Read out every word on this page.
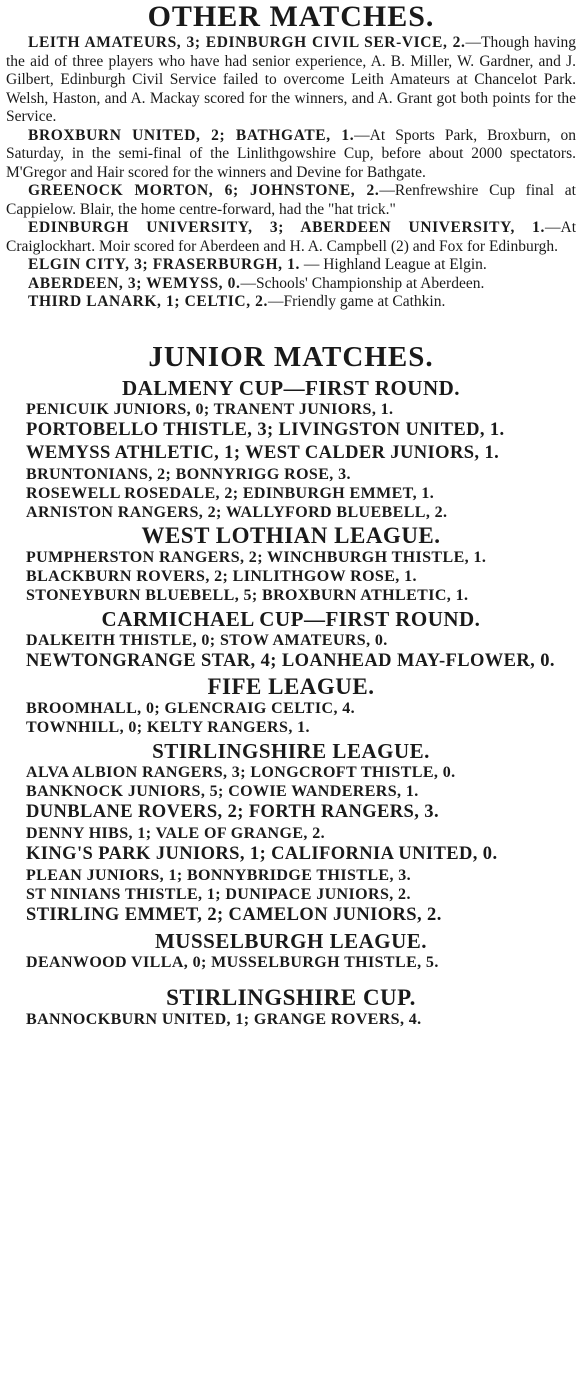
OTHER MATCHES.

LEITH AMATEURS, 3; EDINBURGH CIVIL SER-VICE, 2.—Though having the aid of three players who have had senior experience, A. B. Miller, W. Gardner, and J. Gilbert, Edinburgh Civil Service failed to overcome Leith Amateurs at Chancelot Park. Welsh, Haston, and A. Mackay scored for the winners, and A. Grant got both points for the Service.

BROXBURN UNITED, 2; BATHGATE, 1.—At Sports Park, Broxburn, on Saturday, in the semi-final of the Linlithgowshire Cup, before about 2000 spectators. M'Gregor and Hair scored for the winners and Devine for Bathgate.

GREENOCK MORTON, 6; JOHNSTONE, 2.—Renfrewshire Cup final at Cappielow. Blair, the home centre-forward, had the "hat trick."

EDINBURGH UNIVERSITY, 3; ABERDEEN UNIVERSITY, 1.—At Craiglockhart. Moir scored for Aberdeen and H. A. Campbell (2) and Fox for Edinburgh.

ELGIN CITY, 3; FRASERBURGH, 1. — Highland League at Elgin.

ABERDEEN, 3; WEMYSS, 0.—Schools' Championship at Aberdeen.

THIRD LANARK, 1; CELTIC, 2.—Friendly game at Cathkin.

JUNIOR MATCHES.
DALMENY CUP—FIRST ROUND.

PENICUIK JUNIORS, 0; TRANENT JUNIORS, 1.

PORTOBELLO THISTLE, 3; LIVINGSTON UNITED, 1.

WEMYSS ATHLETIC, 1; WEST CALDER JUNIORS, 1.

BRUNTONIANS, 2; BONNYRIGG ROSE, 3.

ROSEWELL ROSEDALE, 2; EDINBURGH EMMET, 1.

ARNISTON RANGERS, 2; WALLYFORD BLUEBELL, 2.

WEST LOTHIAN LEAGUE.

PUMPHERSTON RANGERS, 2; WINCHBURGH THISTLE, 1.

BLACKBURN ROVERS, 2; LINLITHGOW ROSE, 1.

STONEYBURN BLUEBELL, 5; BROXBURN ATHLETIC, 1.

CARMICHAEL CUP—FIRST ROUND.

DALKEITH THISTLE, 0; STOW AMATEURS, 0.

NEWTONGRANGE STAR, 4; LOANHEAD MAY-FLOWER, 0.

FIFE LEAGUE.

BROOMHALL, 0; GLENCRAIG CELTIC, 4.

TOWNHILL, 0; KELTY RANGERS, 1.

STIRLINGSHIRE LEAGUE.

ALVA ALBION RANGERS, 3; LONGCROFT THISTLE, 0.

BANKNOCK JUNIORS, 5; COWIE WANDERERS, 1.

DUNBLANE ROVERS, 2; FORTH RANGERS, 3.

DENNY HIBS, 1; VALE OF GRANGE, 2.

KING'S PARK JUNIORS, 1; CALIFORNIA UNITED, 0.

PLEAN JUNIORS, 1; BONNYBRIDGE THISTLE, 3.

ST NINIANS THISTLE, 1; DUNIPACE JUNIORS, 2.

STIRLING EMMET, 2; CAMELON JUNIORS, 2.

MUSSELBURGH LEAGUE.

DEANWOOD VILLA, 0; MUSSELBURGH THISTLE, 5.

STIRLINGSHIRE CUP.

BANNOCKBURN UNITED, 1; GRANGE ROVERS, 4.
